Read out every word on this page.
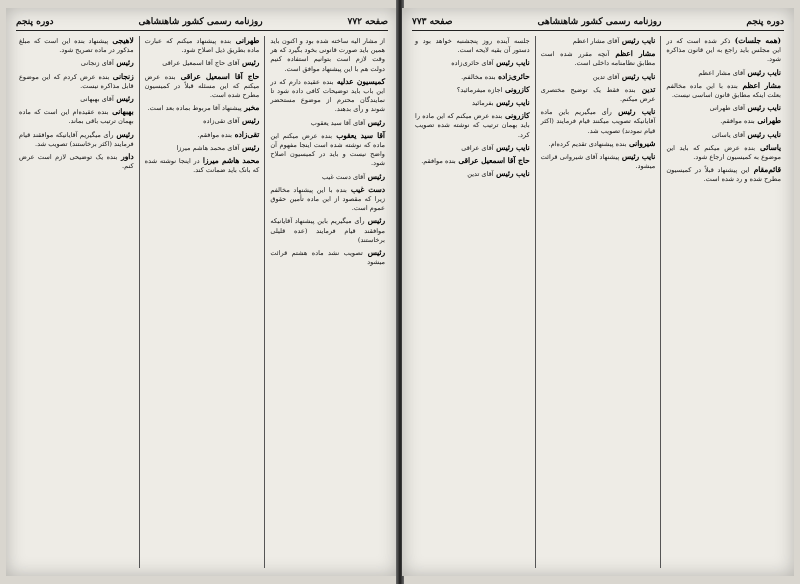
صفحه ۷۷۲
روزنامه رسمی کشور شاهنشاهی
دوره پنجم
از مشار الیه ساخته شده بود و اکنون باید همین باید صورت قانونی بخود بگیرد که هر وقت لازم است بتوانیم استفاده کنیم دولت هم با این پیشنهاد موافق است.
کمیسیون عدلیهبنده عقیده دارم که در این باب باید توضیحات کافی داده شود تا نمایندگان محترم از موضوع مستحضر شوند و رأی بدهند.
رئیسآقای آقا سید یعقوب
آقا سید یعقوببنده عرض میکنم این ماده که نوشته شده است اینجا مفهوم آن واضح نیست و باید در کمیسیون اصلاح شود.
رئیسآقای دست غیب
دست غیببنده با این پیشنهاد مخالفم زیرا که مقصود از این ماده تأمین حقوق عموم است.
رئیسرأی میگیریم باین پیشنهاد آقایانیکه موافقند قیام فرمایند (عده قلیلی برخاستند)
رئیستصویب نشد ماده هشتم قرائت میشود
طهرانیبنده پیشنهاد میکنم که عبارت ماده بطریق ذیل اصلاح شود.
رئیسآقای حاج آقا اسمعیل عراقی
حاج آقا اسمعیل عراقیبنده عرض میکنم که این مسئله قبلاً در کمیسیون مطرح شده است.
مخبرپیشنهاد آقا مربوط بماده بعد است.
رئیسآقای تقی‌زاده
تقی‌زادهبنده موافقم.
رئیسآقای محمد هاشم میرزا
محمد هاشم میرزادر اینجا نوشته شده که بانک باید ضمانت کند.
لاهیجیپیشنهاد بنده این است که مبلغ مذکور در ماده تصریح شود.
رئیسآقای زنجانی
زنجانیبنده عرض کردم که این موضوع قابل مذاکره نیست.
رئیسآقای بهبهانی
بهبهانیبنده عقیده‌ام این است که ماده بهمان ترتیب باقی بماند.
رئیسرأی میگیریم آقایانیکه موافقند قیام فرمایند (اکثر برخاستند) تصویب شد.
داوربنده یک توضیحی لازم است عرض کنم.
دوره پنجم
روزنامه رسمی کشور شاهنشاهی
صفحه ۷۷۳
(همه جلسات)ذکر شده است که در این مجلس باید راجع به این قانون مذاکره شود.
نایب رئیسآقای مشار اعظم
مشار اعظمبنده با این ماده مخالفم بعلت اینکه مطابق قانون اساسی نیست.
نایب رئیسآقای طهرانی
طهرانیبنده موافقم.
نایب رئیسآقای یاسائی
یاسائیبنده عرض میکنم که باید این موضوع به کمیسیون ارجاع شود.
قائم‌مقاماین پیشنهاد قبلاً در کمیسیون مطرح شده و رد شده است.
نایب رئیسآقای مشار اعظم
مشار اعظمآنچه مقرر شده است مطابق نظامنامه داخلی است.
نایب رئیسآقای تدین
تدینبنده فقط یک توضیح مختصری عرض میکنم.
نایب رئیسرأی میگیریم باین ماده آقایانیکه تصویب میکنند قیام فرمایند (اکثر قیام نمودند) تصویب شد.
شیروانیبنده پیشنهادی تقدیم کرده‌ام.
نایب رئیسپیشنهاد آقای شیروانی قرائت میشود.
جلسه آینده روز پنجشنبه خواهد بود و دستور آن بقیه لایحه است.
نایب رئیسآقای حائری‌زاده
حائری‌زادهبنده مخالفم.
کازرونیاجازه میفرمائید؟
نایب رئیسبفرمائید
کازرونیبنده عرض میکنم که این ماده را باید بهمان ترتیب که نوشته شده تصویب کرد.
نایب رئیسآقای عراقی
حاج آقا اسمعیل عراقیبنده موافقم.
نایب رئیسآقای تدین
